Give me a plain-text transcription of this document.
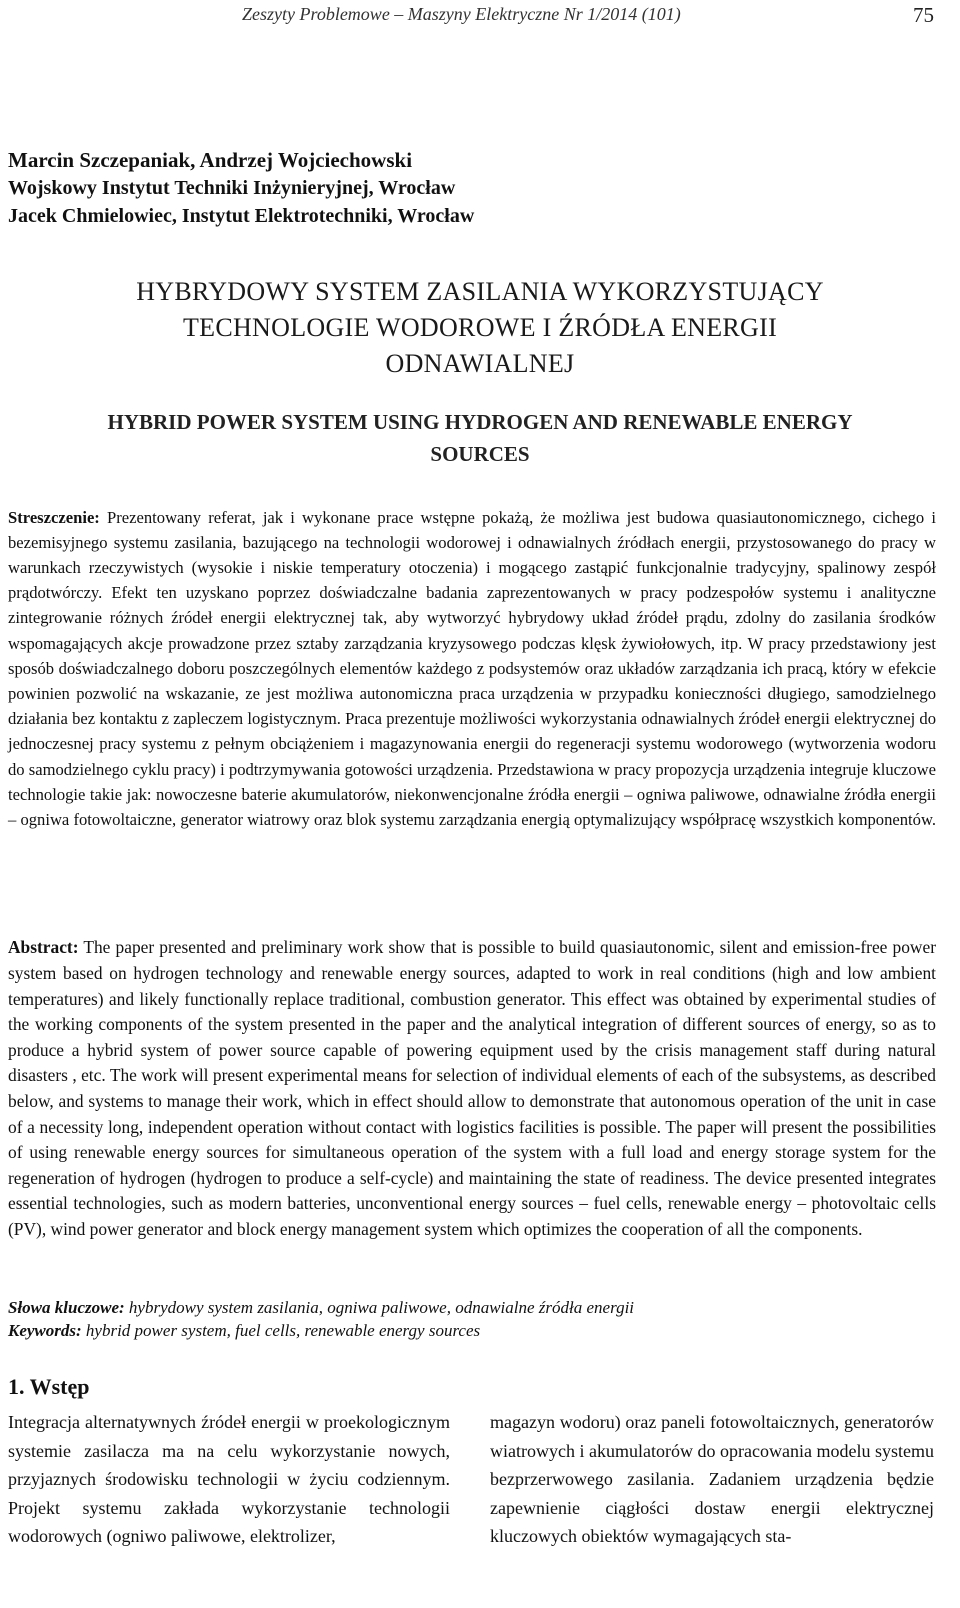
Zeszyty Problemowe – Maszyny Elektryczne Nr 1/2014 (101)	75
Marcin Szczepaniak, Andrzej Wojciechowski
Wojskowy Instytut Techniki Inżynieryjnej, Wrocław
Jacek Chmielowiec, Instytut Elektrotechniki, Wrocław
HYBRYDOWY SYSTEM ZASILANIA WYKORZYSTUJĄCY
TECHNOLOGIE WODOROWE I ŹRÓDŁA ENERGII
ODNAWIALNEJ
HYBRID POWER SYSTEM USING HYDROGEN AND RENEWABLE ENERGY
SOURCES

Streszczenie: Prezentowany referat, jak i wykonane prace wstępne pokażą, że możliwa jest budowa quasiautonomicznego, cichego i bezemisyjnego systemu zasilania, bazującego na technologii wodorowej i odnawialnych źródłach energii, przystosowanego do pracy w warunkach rzeczywistych (wysokie i niskie temperatury otoczenia) i mogącego zastąpić funkcjonalnie tradycyjny, spalinowy zespół prądotwórczy. Efekt ten uzyskano poprzez doświadczalne badania zaprezentowanych w pracy podzespołów systemu i analityczne zintegrowanie różnych źródeł energii elektrycznej tak, aby wytworzyć hybrydowy układ źródeł prądu, zdolny do zasilania środków wspomagających akcje prowadzone przez sztaby zarządzania kryzysowego podczas klęsk żywiołowych, itp. W pracy przedstawiony jest sposób doświadczalnego doboru poszczególnych elementów każdego z podsystemów oraz układów zarządzania ich pracą, który w efekcie powinien pozwolić na wskazanie, ze jest możliwa autonomiczna praca urządzenia w przypadku konieczności długiego, samodzielnego działania bez kontaktu z zapleczem logistycznym. Praca prezentuje możliwości wykorzystania odnawialnych źródeł energii elektrycznej do jednoczesnej pracy systemu z pełnym obciążeniem i magazynowania energii do regeneracji systemu wodorowego (wytworzenia wodoru do samodzielnego cyklu pracy) i podtrzymywania gotowości urządzenia. Przedstawiona w pracy propozycja urządzenia integruje kluczowe technologie takie jak: nowoczesne baterie akumulatorów, niekonwencjonalne źródła energii – ogniwa paliwowe, odnawialne źródła energii – ogniwa fotowoltaiczne, generator wiatrowy oraz blok systemu zarządzania energią optymalizujący współpracę wszystkich komponentów.

Abstract: The paper presented and preliminary work show that is possible to build quasiautonomic, silent and emission-free power system based on hydrogen technology and renewable energy sources, adapted to work in real conditions (high and low ambient temperatures) and likely functionally replace traditional, combustion generator. This effect was obtained by experimental studies of the working components of the system presented in the paper and the analytical integration of different sources of energy, so as to produce a hybrid system of power source capable of powering equipment used by the crisis management staff during natural disasters , etc. The work will present experimental means for selection of individual elements of each of the subsystems, as described below, and systems to manage their work, which in effect should allow to demonstrate that autonomous operation of the unit in case of a necessity long, independent operation without contact with logistics facilities is possible. The paper will present the possibilities of using renewable energy sources for simultaneous operation of the system with a full load and energy storage system for the regeneration of hydrogen (hydrogen to produce a self-cycle) and maintaining the state of readiness. The device presented integrates essential technologies, such as modern batteries, unconventional energy sources – fuel cells, renewable energy – photovoltaic cells (PV), wind power generator and block energy management system which optimizes the cooperation of all the components.

Słowa kluczowe: hybrydowy system zasilania, ogniwa paliwowe, odnawialne źródła energii
Keywords: hybrid power system, fuel cells, renewable energy sources
1. Wstęp

Integracja alternatywnych źródeł energii w proekologicznym systemie zasilacza ma na celu wykorzystanie nowych, przyjaznych środowisku technologii w życiu codziennym. Projekt systemu zakłada wykorzystanie technologii wodorowych (ogniwo paliwowe, elektrolizer,

magazyn wodoru) oraz paneli fotowoltaicznych, generatorów wiatrowych i akumulatorów do opracowania modelu systemu bezprzerwowego zasilania. Zadaniem urządzenia będzie zapewnienie ciągłości dostaw energii elektrycznej kluczowych obiektów wymagających sta-
